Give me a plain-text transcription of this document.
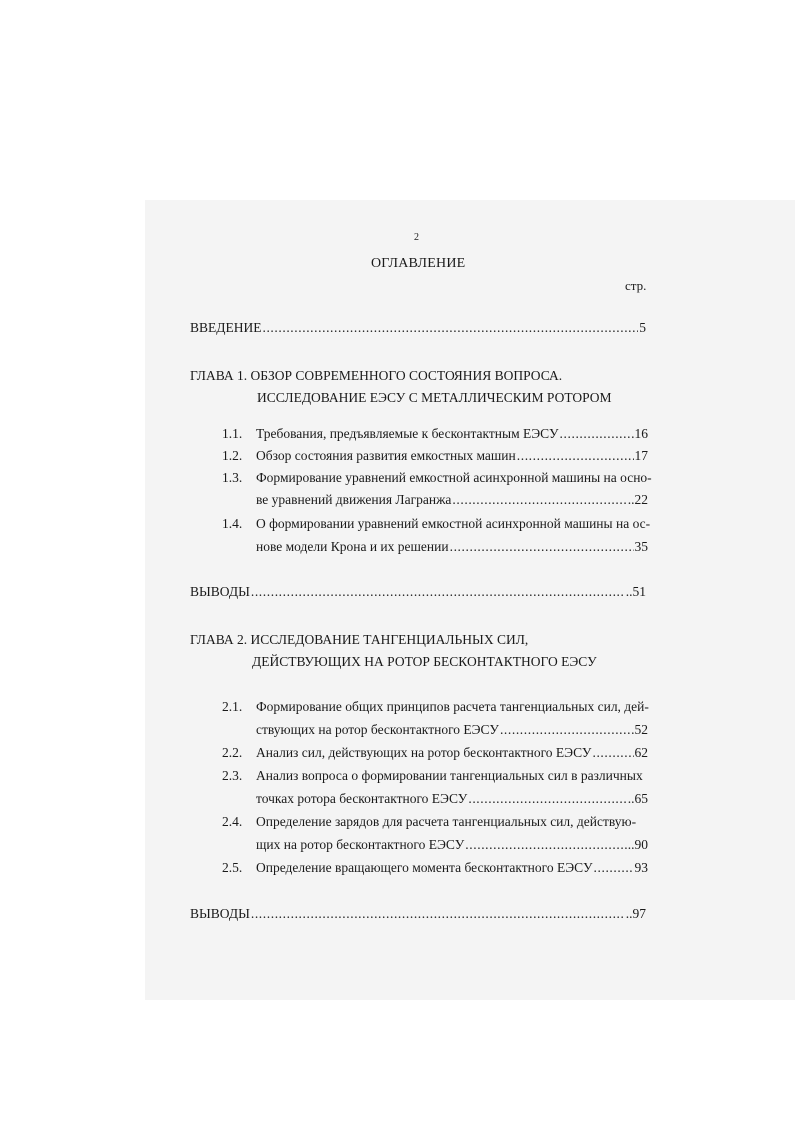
2
ОГЛАВЛЕНИЕ
стр.
ВВЕДЕНИЕ .....	5
ГЛАВА 1. ОБЗОР СОВРЕМЕННОГО СОСТОЯНИЯ ВОПРОСА.
ИССЛЕДОВАНИЕ ЕЭСУ С МЕТАЛЛИЧЕСКИМ РОТОРОМ
1.1. Требования, предъявляемые к бесконтактным ЕЭСУ .....	16
1.2. Обзор состояния развития емкостных машин .....	17
1.3. Формирование уравнений емкостной асинхронной машины на осно-
ве уравнений движения Лагранжа .....	..22
1.4. О формировании уравнений емкостной асинхронной машины на ос-
нове модели Крона и их решении .....	35
ВЫВОДЫ .....	..51
ГЛАВА 2. ИССЛЕДОВАНИЕ ТАНГЕНЦИАЛЬНЫХ СИЛ,
ДЕЙСТВУЮЩИХ НА РОТОР БЕСКОНТАКТНОГО ЕЭСУ
2.1. Формирование общих принципов расчета тангенциальных сил, дей-
ствующих на ротор бесконтактного ЕЭСУ .....	52
2.2. Анализ сил, действующих на ротор бесконтактного ЕЭСУ .....	62
2.3. Анализ вопроса о формировании тангенциальных сил в различных
точках ротора бесконтактного ЕЭСУ .....	..65
2.4. Определение зарядов для расчета тангенциальных сил, действую-
щих на ротор бесконтактного ЕЭСУ .....	..90
2.5. Определение вращающего момента бесконтактного ЕЭСУ .....	93
ВЫВОДЫ .....	..97
